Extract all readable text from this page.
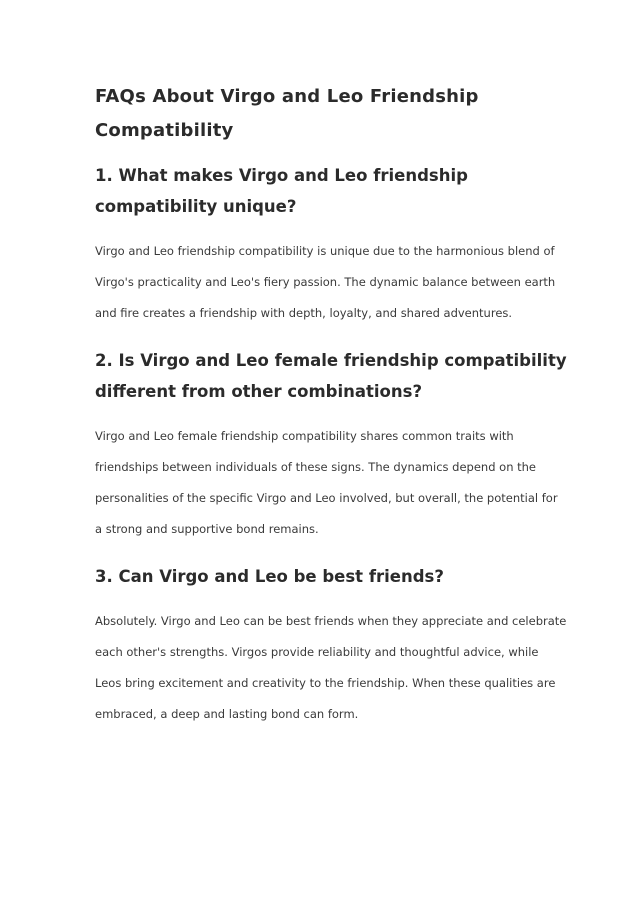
FAQs About Virgo and Leo Friendship Compatibility
1. What makes Virgo and Leo friendship compatibility unique?

Virgo and Leo friendship compatibility is unique due to the harmonious blend of Virgo's practicality and Leo's fiery passion. The dynamic balance between earth and fire creates a friendship with depth, loyalty, and shared adventures.

2. Is Virgo and Leo female friendship compatibility different from other combinations?

Virgo and Leo female friendship compatibility shares common traits with friendships between individuals of these signs. The dynamics depend on the personalities of the specific Virgo and Leo involved, but overall, the potential for a strong and supportive bond remains.

3. Can Virgo and Leo be best friends?

Absolutely. Virgo and Leo can be best friends when they appreciate and celebrate each other's strengths. Virgos provide reliability and thoughtful advice, while Leos bring excitement and creativity to the friendship. When these qualities are embraced, a deep and lasting bond can form.
